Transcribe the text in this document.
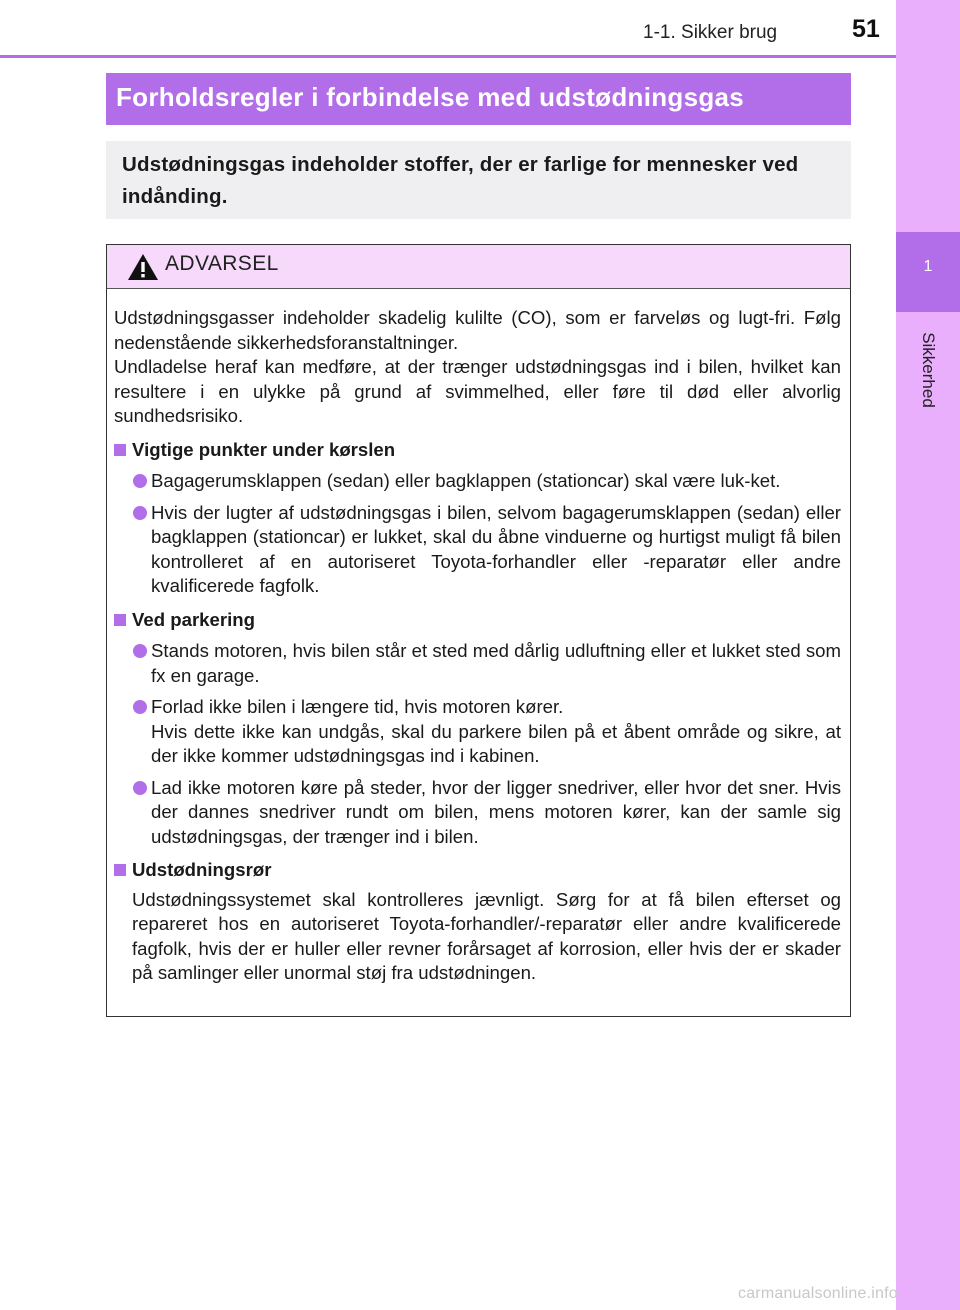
1
Sikkerhed
1-1. Sikker brug	51
Forholdsregler i forbindelse med udstødningsgas
Udstødningsgas indeholder stoffer, der er farlige for mennesker ved indånding.
ADVARSEL

Udstødningsgasser indeholder skadelig kulilte (CO), som er farveløs og lugt-fri. Følg nedenstående sikkerhedsforanstaltninger.

Undladelse heraf kan medføre, at der trænger udstødningsgas ind i bilen, hvilket kan resultere i en ulykke på grund af svimmelhed, eller føre til død eller alvorlig sundhedsrisiko.

Vigtige punkter under kørslen

Bagagerumsklappen (sedan) eller bagklappen (stationcar) skal være luk-ket.

Hvis der lugter af udstødningsgas i bilen, selvom bagagerumsklappen (sedan) eller bagklappen (stationcar) er lukket, skal du åbne vinduerne og hurtigst muligt få bilen kontrolleret af en autoriseret Toyota-forhandler eller -reparatør eller andre kvalificerede fagfolk.

Ved parkering

Stands motoren, hvis bilen står et sted med dårlig udluftning eller et lukket sted som fx en garage.

Forlad ikke bilen i længere tid, hvis motoren kører.
Hvis dette ikke kan undgås, skal du parkere bilen på et åbent område og sikre, at der ikke kommer udstødningsgas ind i kabinen.

Lad ikke motoren køre på steder, hvor der ligger snedriver, eller hvor det sner. Hvis der dannes snedriver rundt om bilen, mens motoren kører, kan der samle sig udstødningsgas, der trænger ind i bilen.

Udstødningsrør

Udstødningssystemet skal kontrolleres jævnligt. Sørg for at få bilen efterset og repareret hos en autoriseret Toyota-forhandler/-reparatør eller andre kvalificerede fagfolk, hvis der er huller eller revner forårsaget af korrosion, eller hvis der er skader på samlinger eller unormal støj fra udstødningen.

carmanualsonline.info
